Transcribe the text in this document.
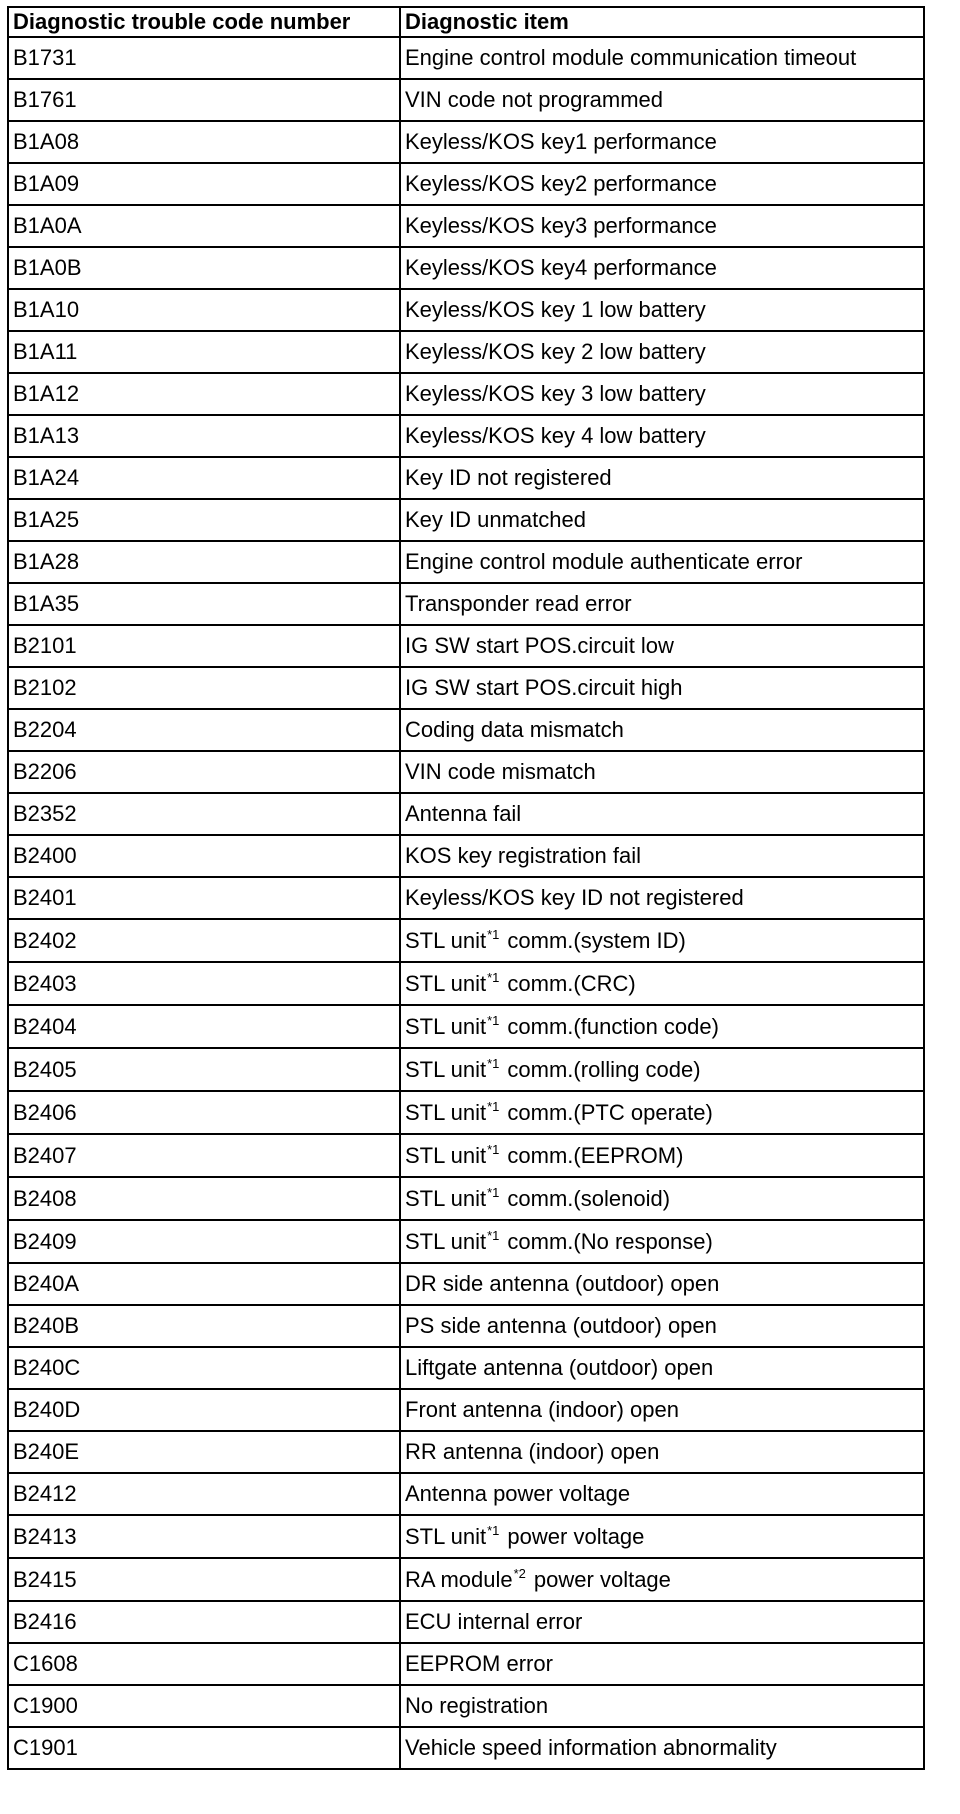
Diagnostic trouble code number	Diagnostic item
B1731	Engine control module communication timeout
B1761	VIN code not programmed
B1A08	Keyless/KOS key1 performance
B1A09	Keyless/KOS key2 performance
B1A0A	Keyless/KOS key3 performance
B1A0B	Keyless/KOS key4 performance
B1A10	Keyless/KOS key 1 low battery
B1A11	Keyless/KOS key 2 low battery
B1A12	Keyless/KOS key 3 low battery
B1A13	Keyless/KOS key 4 low battery
B1A24	Key ID not registered
B1A25	Key ID unmatched
B1A28	Engine control module authenticate error
B1A35	Transponder read error
B2101	IG SW start POS.circuit low
B2102	IG SW start POS.circuit high
B2204	Coding data mismatch
B2206	VIN code mismatch
B2352	Antenna fail
B2400	KOS key registration fail
B2401	Keyless/KOS key ID not registered
B2402	STL unit$^{*1}$ comm.(system ID)
B2403	STL unit$^{*1}$ comm.(CRC)
B2404	STL unit$^{*1}$ comm.(function code)
B2405	STL unit$^{*1}$ comm.(rolling code)
B2406	STL unit$^{*1}$ comm.(PTC operate)
B2407	STL unit$^{*1}$ comm.(EEPROM)
B2408	STL unit$^{*1}$ comm.(solenoid)
B2409	STL unit$^{*1}$ comm.(No response)
B240A	DR side antenna (outdoor) open
B240B	PS side antenna (outdoor) open
B240C	Liftgate antenna (outdoor) open
B240D	Front antenna (indoor) open
B240E	RR antenna (indoor) open
B2412	Antenna power voltage
B2413	STL unit$^{*1}$ power voltage
B2415	RA module$^{*2}$ power voltage
B2416	ECU internal error
C1608	EEPROM error
C1900	No registration
C1901	Vehicle speed information abnormality
